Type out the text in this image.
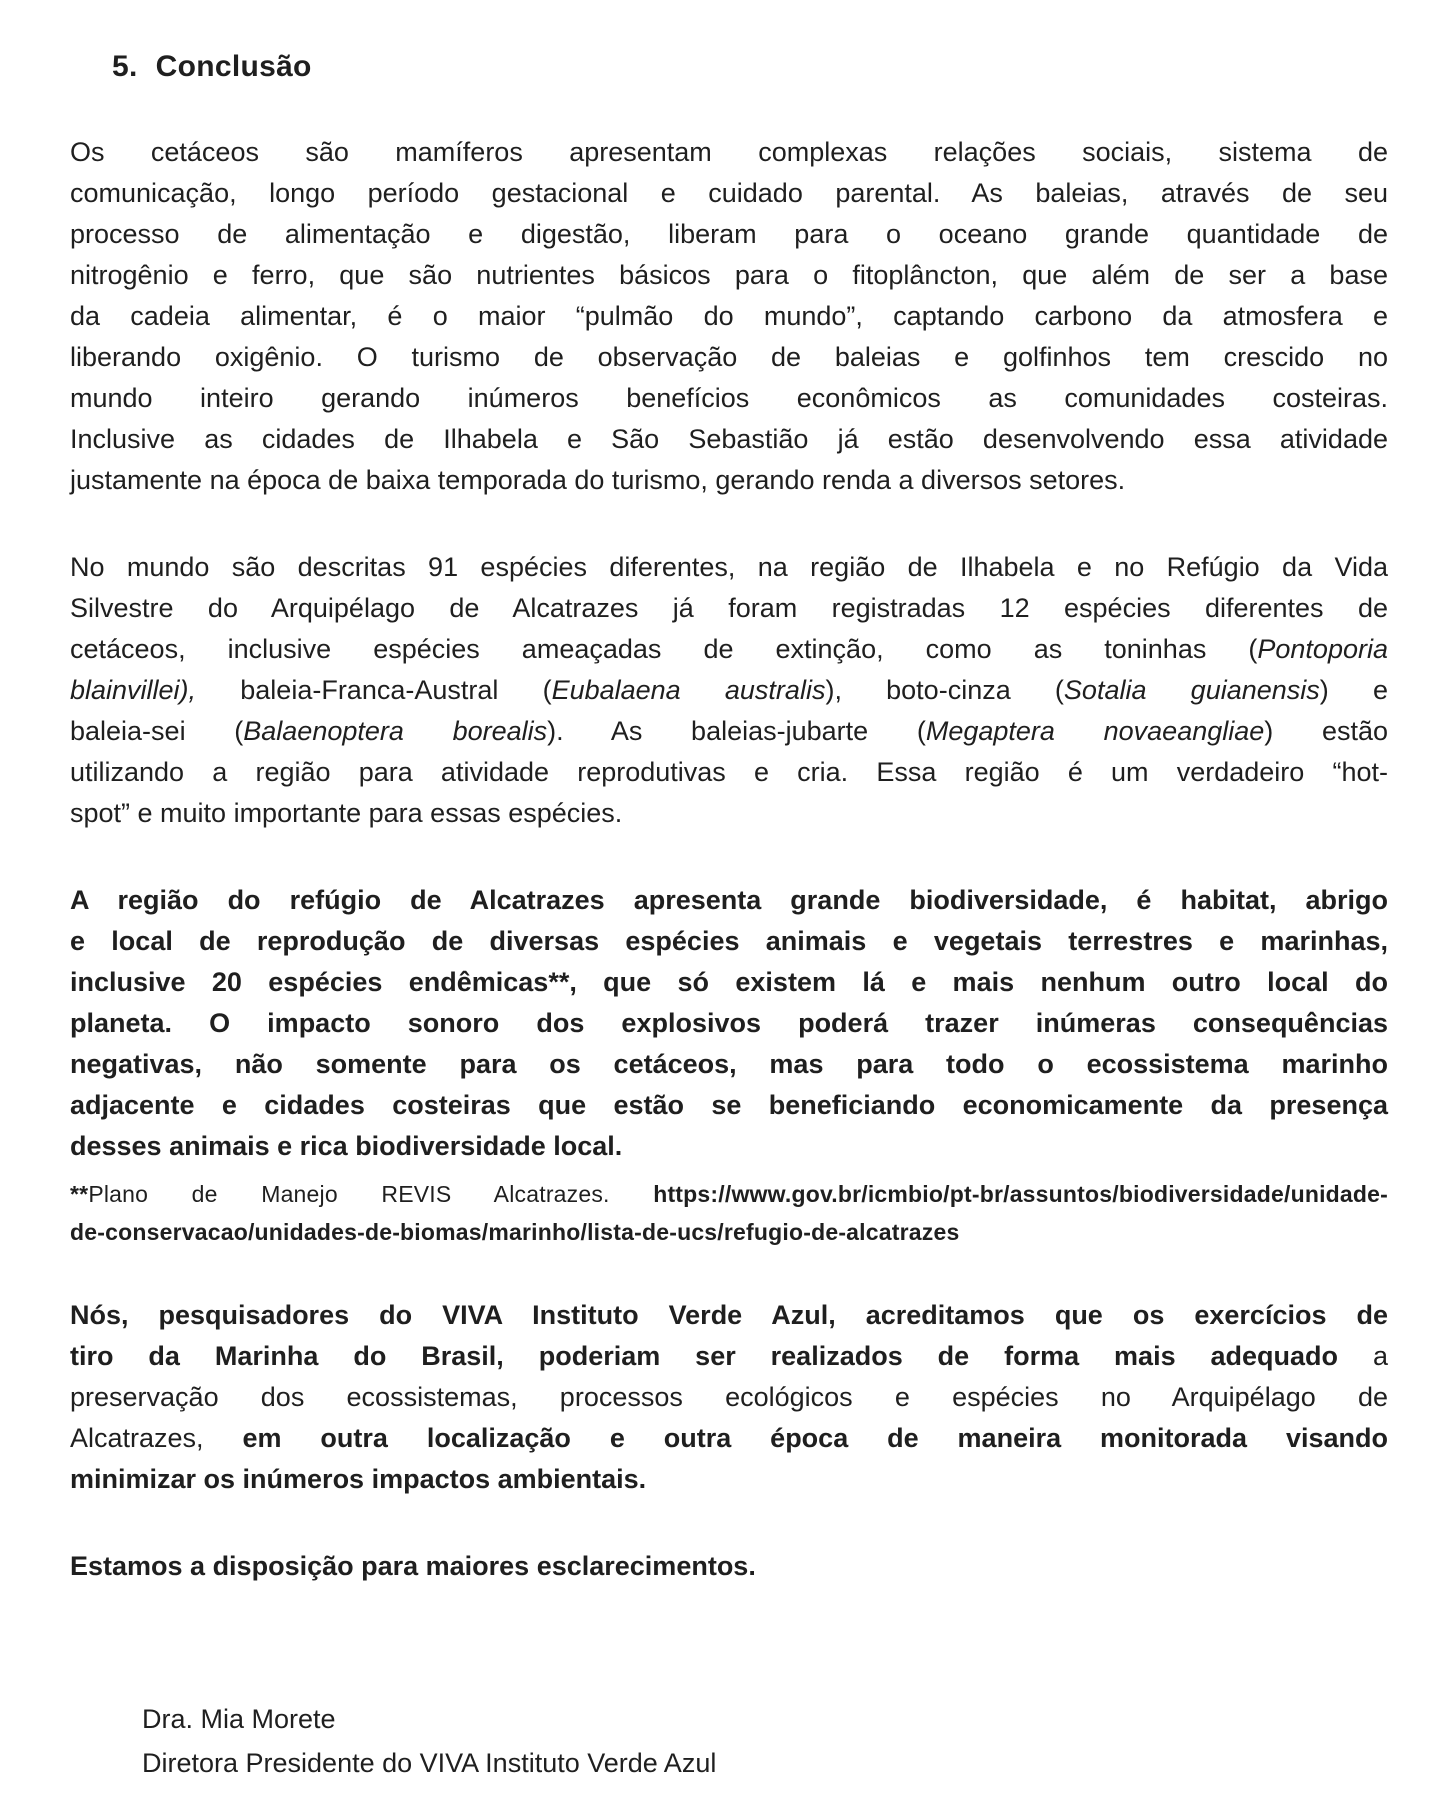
5. Conclusão
Os cetáceos são mamíferos apresentam complexas relações sociais, sistema de
comunicação, longo período gestacional e cuidado parental. As baleias, através de seu
processo de alimentação e digestão, liberam para o oceano grande quantidade de
nitrogênio e ferro, que são nutrientes básicos para o fitoplâncton, que além de ser a base
da cadeia alimentar, é o maior “pulmão do mundo”, captando carbono da atmosfera e
liberando oxigênio. O turismo de observação de baleias e golfinhos tem crescido no
mundo inteiro gerando inúmeros benefícios econômicos as comunidades costeiras.
Inclusive as cidades de Ilhabela e São Sebastião já estão desenvolvendo essa atividade
justamente na época de baixa temporada do turismo, gerando renda a diversos setores.
No mundo são descritas 91 espécies diferentes, na região de Ilhabela e no Refúgio da Vida
Silvestre do Arquipélago de Alcatrazes já foram registradas 12 espécies diferentes de
cetáceos, inclusive espécies ameaçadas de extinção, como as toninhas (Pontoporia
blainvillei), baleia-Franca-Austral (Eubalaena australis), boto-cinza (Sotalia guianensis) e
baleia-sei (Balaenoptera borealis). As baleias-jubarte (Megaptera novaeangliae) estão
utilizando a região para atividade reprodutivas e cria. Essa região é um verdadeiro “hot-
spot” e muito importante para essas espécies.
A região do refúgio de Alcatrazes apresenta grande biodiversidade, é habitat, abrigo
e local de reprodução de diversas espécies animais e vegetais terrestres e marinhas,
inclusive 20 espécies endêmicas**, que só existem lá e mais nenhum outro local do
planeta. O impacto sonoro dos explosivos poderá trazer inúmeras consequências
negativas, não somente para os cetáceos, mas para todo o ecossistema marinho
adjacente e cidades costeiras que estão se beneficiando economicamente da presença
desses animais e rica biodiversidade local.
**Plano de Manejo REVIS Alcatrazes. https://www.gov.br/icmbio/pt-br/assuntos/biodiversidade/unidade-
de-conservacao/unidades-de-biomas/marinho/lista-de-ucs/refugio-de-alcatrazes
Nós, pesquisadores do VIVA Instituto Verde Azul, acreditamos que os exercícios de
tiro da Marinha do Brasil, poderiam ser realizados de forma mais adequado a
preservação dos ecossistemas, processos ecológicos e espécies no Arquipélago de
Alcatrazes, em outra localização e outra época de maneira monitorada visando
minimizar os inúmeros impactos ambientais.
Estamos a disposição para maiores esclarecimentos.
Dra. Mia Morete
Diretora Presidente do VIVA Instituto Verde Azul
